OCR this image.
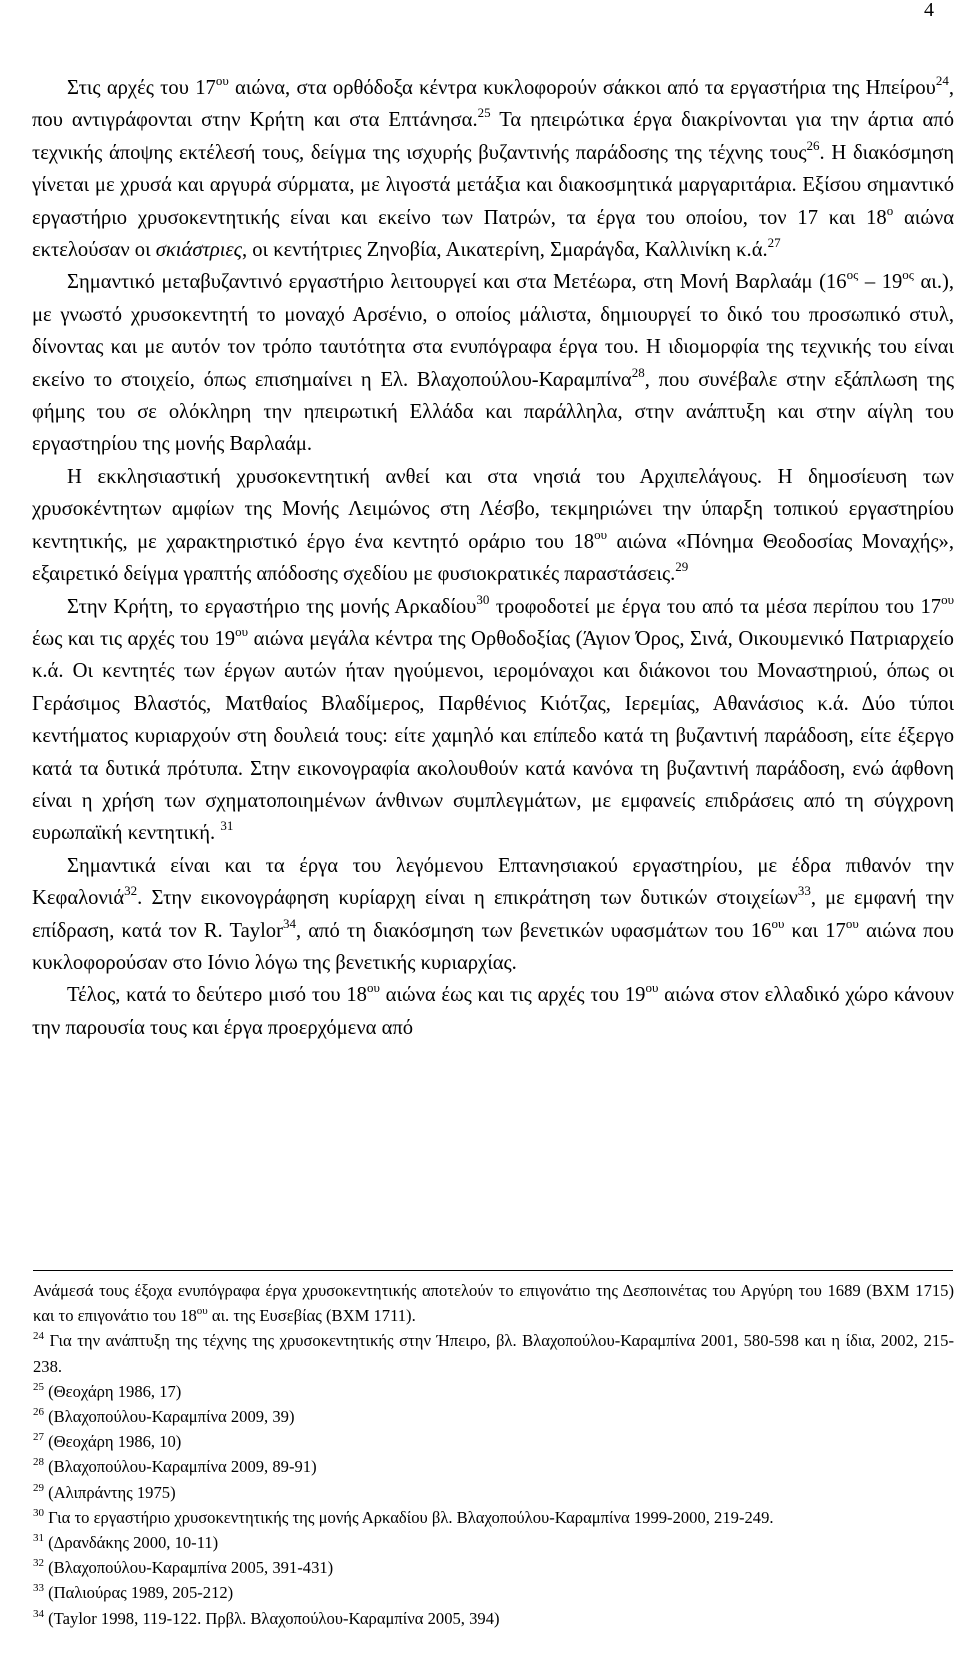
4

Στις αρχές του $17^{o\upsilon}$ αιώνα, στα ορθόδοξα κέντρα κυκλοφορούν σάκκοι από τα εργαστήρια της Ηπείρου$^{24}$, που αντιγράφονται στην Κρήτη και στα Επτάνησα.$^{25}$ Τα ηπειρώτικα έργα διακρίνονται για την άρτια από τεχνικής άποψης εκτέλεσή τους, δείγμα της ισχυρής βυζαντινής παράδοσης της τέχνης τους$^{26}$. Η διακόσμηση γίνεται με χρυσά και αργυρά σύρματα, με λιγοστά μετάξια και διακοσμητικά μαργαριτάρια. Εξίσου σημαντικό εργαστήριο χρυσοκεντητικής είναι και εκείνο των Πατρών, τα έργα του οποίου, τον 17 και $18^o$ αιώνα εκτελούσαν οι σκιάστριες, οι κεντήτριες Ζηνοβία, Αικατερίνη, Σμαράγδα, Καλλινίκη κ.ά.$^{27}$

Σημαντικό μεταβυζαντινό εργαστήριο λειτουργεί και στα Μετέωρα, στη Μονή Βαρλαάμ ($16^{o\varsigma} - 19^{o\varsigma}$ αι.), με γνωστό χρυσοκεντητή το μοναχό Αρσένιο, ο οποίος μάλιστα, δημιουργεί το δικό του προσωπικό στυλ, δίνοντας και με αυτόν τον τρόπο ταυτότητα στα ενυπόγραφα έργα του. Η ιδιομορφία της τεχνικής του είναι εκείνο το στοιχείο, όπως επισημαίνει η Ελ. Βλαχοπούλου-Καραμπίνα$^{28}$, που συνέβαλε στην εξάπλωση της φήμης του σε ολόκληρη την ηπειρωτική Ελλάδα και παράλληλα, στην ανάπτυξη και στην αίγλη του εργαστηρίου της μονής Βαρλαάμ.

Η εκκλησιαστική χρυσοκεντητική ανθεί και στα νησιά του Αρχιπελάγους. Η δημοσίευση των χρυσοκέντητων αμφίων της Μονής Λειμώνος στη Λέσβο, τεκμηριώνει την ύπαρξη τοπικού εργαστηρίου κεντητικής, με χαρακτηριστικό έργο ένα κεντητό οράριο του $18^{o\upsilon}$ αιώνα «Πόνημα Θεοδοσίας Μοναχής», εξαιρετικό δείγμα γραπτής απόδοσης σχεδίου με φυσιοκρατικές παραστάσεις.$^{29}$

Στην Κρήτη, το εργαστήριο της μονής Αρκαδίου$^{30}$ τροφοδοτεί με έργα του από τα μέσα περίπου του $17^{o\upsilon}$ έως και τις αρχές του $19^{o\upsilon}$ αιώνα μεγάλα κέντρα της Ορθοδοξίας (Άγιον Όρος, Σινά, Οικουμενικό Πατριαρχείο κ.ά. Οι κεντητές των έργων αυτών ήταν ηγούμενοι, ιερομόναχοι και διάκονοι του Μοναστηριού, όπως οι Γεράσιμος Βλαστός, Ματθαίος Βλαδίμερος, Παρθένιος Κιότζας, Ιερεμίας, Αθανάσιος κ.ά. Δύο τύποι κεντήματος κυριαρχούν στη δουλειά τους: είτε χαμηλό και επίπεδο κατά τη βυζαντινή παράδοση, είτε έξεργο κατά τα δυτικά πρότυπα. Στην εικονογραφία ακολουθούν κατά κανόνα τη βυζαντινή παράδοση, ενώ άφθονη είναι η χρήση των σχηματοποιημένων άνθινων συμπλεγμάτων, με εμφανείς επιδράσεις από τη σύγχρονη ευρωπαϊκή κεντητική. $^{31}$

Σημαντικά είναι και τα έργα του λεγόμενου Επτανησιακού εργαστηρίου, με έδρα πιθανόν την Κεφαλονιά$^{32}$. Στην εικονογράφηση κυρίαρχη είναι η επικράτηση των δυτικών στοιχείων$^{33}$, με εμφανή την επίδραση, κατά τον R. Taylor$^{34}$, από τη διακόσμηση των βενετικών υφασμάτων του $16^{o\upsilon}$ και $17^{o\upsilon}$ αιώνα που κυκλοφορούσαν στο Ιόνιο λόγω της βενετικής κυριαρχίας.

Τέλος, κατά το δεύτερο μισό του $18^{o\upsilon}$ αιώνα έως και τις αρχές του $19^{o\upsilon}$ αιώνα στον ελλαδικό χώρο κάνουν την παρουσία τους και έργα προερχόμενα από

Ανάμεσά τους έξοχα ενυπόγραφα έργα χρυσοκεντητικής αποτελούν το επιγονάτιο της Δεσποινέτας του Αργύρη του 1689 (ΒΧΜ 1715) και το επιγονάτιο του $18^{o\upsilon}$ αι. της Ευσεβίας (ΒΧΜ 1711).

$^{24}$ Για την ανάπτυξη της τέχνης της χρυσοκεντητικής στην Ήπειρο, βλ. Βλαχοπούλου-Καραμπίνα 2001, 580-598 και η ίδια, 2002, 215-238.

$^{25}$ (Θεοχάρη 1986, 17)

$^{26}$ (Βλαχοπούλου-Καραμπίνα 2009, 39)

$^{27}$ (Θεοχάρη 1986, 10)

$^{28}$ (Βλαχοπούλου-Καραμπίνα 2009, 89-91)

$^{29}$ (Αλιπράντης 1975)

$^{30}$ Για το εργαστήριο χρυσοκεντητικής της μονής Αρκαδίου βλ. Βλαχοπούλου-Καραμπίνα 1999-2000, 219-249.

$^{31}$ (Δρανδάκης 2000, 10-11)

$^{32}$ (Βλαχοπούλου-Καραμπίνα 2005, 391-431)

$^{33}$ (Παλιούρας 1989, 205-212)

$^{34}$ (Taylor 1998, 119-122. Πρβλ. Βλαχοπούλου-Καραμπίνα 2005, 394)
